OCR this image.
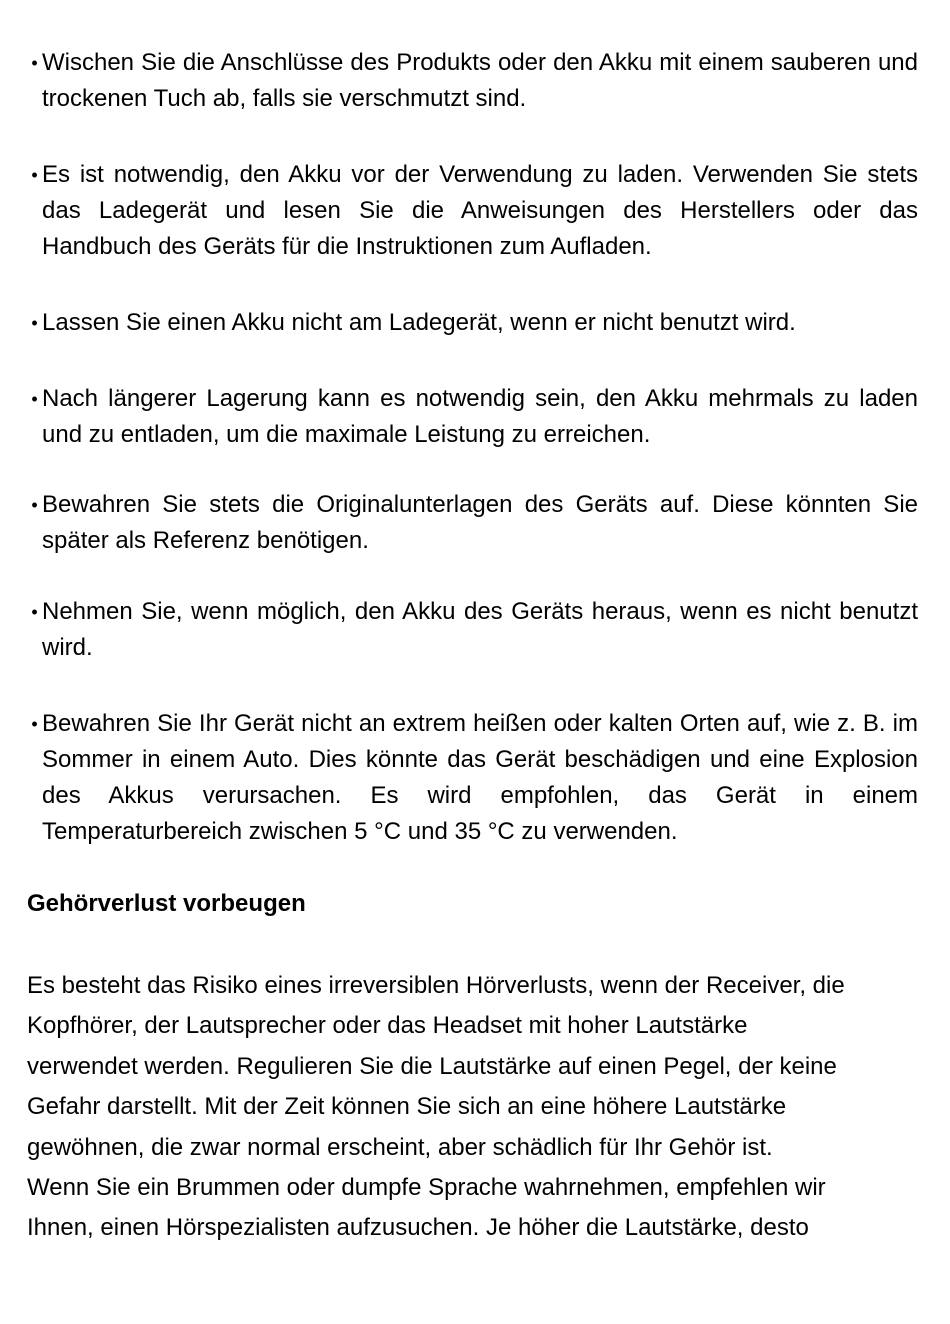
• Wischen Sie die Anschlüsse des Produkts oder den Akku mit einem sauberen und trockenen Tuch ab, falls sie verschmutzt sind.
• Es ist notwendig, den Akku vor der Verwendung zu laden. Verwenden Sie stets das Ladegerät und lesen Sie die Anweisungen des Herstellers oder das Handbuch des Geräts für die Instruktionen zum Aufladen.
• Lassen Sie einen Akku nicht am Ladegerät, wenn er nicht benutzt wird.
• Nach längerer Lagerung kann es notwendig sein, den Akku mehrmals zu laden und zu entladen, um die maximale Leistung zu erreichen.
• Bewahren Sie stets die Originalunterlagen des Geräts auf. Diese könnten Sie später als Referenz benötigen.
• Nehmen Sie, wenn möglich, den Akku des Geräts heraus, wenn es nicht benutzt wird.
• Bewahren Sie Ihr Gerät nicht an extrem heißen oder kalten Orten auf, wie z. B. im Sommer in einem Auto. Dies könnte das Gerät beschädigen und eine Explosion des Akkus verursachen. Es wird empfohlen, das Gerät in einem Temperaturbereich zwischen 5 °C und 35 °C zu verwenden.
Gehörverlust vorbeugen
Es besteht das Risiko eines irreversiblen Hörverlusts, wenn der Receiver, die
Kopfhörer, der Lautsprecher oder das Headset mit hoher Lautstärke
verwendet werden. Regulieren Sie die Lautstärke auf einen Pegel, der keine
Gefahr darstellt. Mit der Zeit können Sie sich an eine höhere Lautstärke
gewöhnen, die zwar normal erscheint, aber schädlich für Ihr Gehör ist.
Wenn Sie ein Brummen oder dumpfe Sprache wahrnehmen, empfehlen wir
Ihnen, einen Hörspezialisten aufzusuchen. Je höher die Lautstärke, desto
